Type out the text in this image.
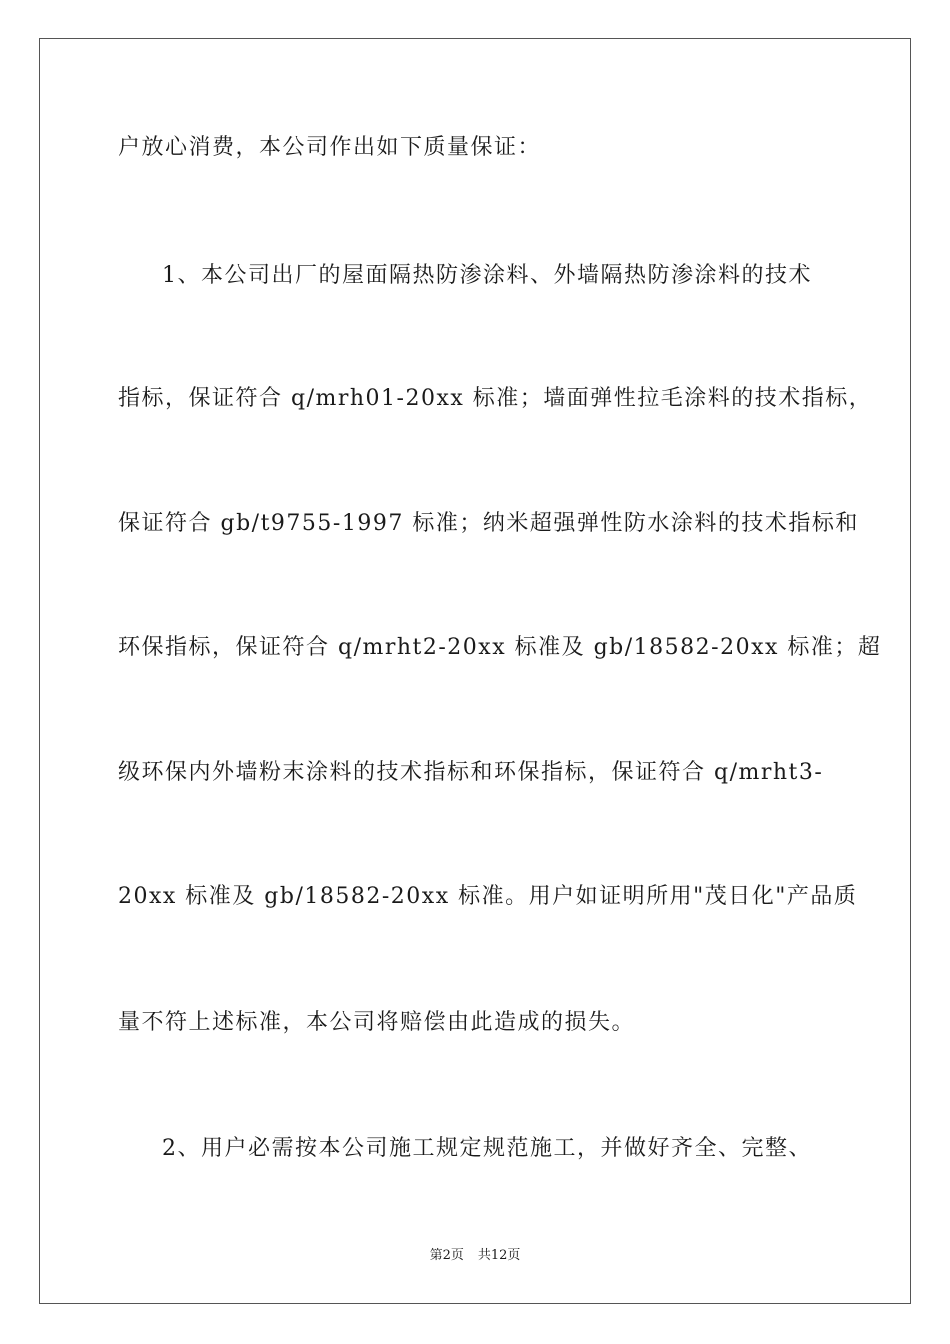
户放心消费，本公司作出如下质量保证：
1、本公司出厂的屋面隔热防渗涂料、外墙隔热防渗涂料的技术
指标，保证符合 q/mrh01-20xx 标准；墙面弹性拉毛涂料的技术指标，
保证符合 gb/t9755-1997 标准；纳米超强弹性防水涂料的技术指标和
环保指标，保证符合 q/mrht2-20xx 标准及 gb/18582-20xx 标准；超
级环保内外墙粉末涂料的技术指标和环保指标，保证符合 q/mrht3-
20xx 标准及 gb/18582-20xx 标准。用户如证明所用"茂日化"产品质
量不符上述标准，本公司将赔偿由此造成的损失。
2、用户必需按本公司施工规定规范施工，并做好齐全、完整、
第2页 共12页
